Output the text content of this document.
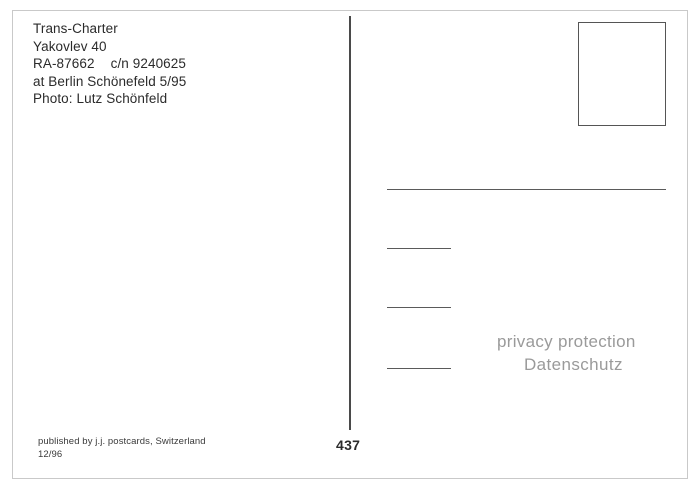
Trans-Charter
Yakovlev 40
RA-87662 c/n 9240625
at Berlin Schönefeld 5/95
Photo: Lutz Schönfeld
privacy protection
Datenschutz
published by j.j. postcards, Switzerland
12/96
437
